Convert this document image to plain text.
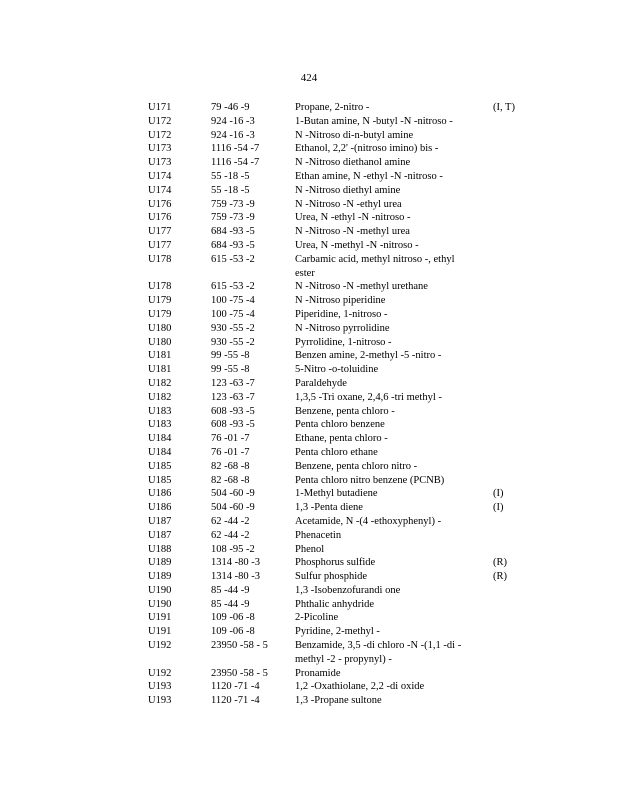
424
U171	79 -46 -9	Propane, 2-nitro -	(I, T)
U172	924 -16 -3	1-Butan amine, N -butyl -N -nitroso -
U172	924 -16 -3	N -Nitroso di-n-butyl amine
U173	1116 -54 -7	Ethanol, 2,2' -(nitroso imino) bis -
U173	1116 -54 -7	N -Nitroso diethanol amine
U174	55 -18 -5	Ethan amine, N -ethyl -N -nitroso -
U174	55 -18 -5	N -Nitroso diethyl amine
U176	759 -73 -9	N -Nitroso -N -ethyl urea
U176	759 -73 -9	Urea, N -ethyl -N -nitroso -
U177	684 -93 -5	N -Nitroso -N -methyl urea
U177	684 -93 -5	Urea, N -methyl -N -nitroso -
U178	615 -53 -2	Carbamic acid, methyl nitroso -, ethyl ester
U178	615 -53 -2	N -Nitroso -N -methyl urethane
U179	100 -75 -4	N -Nitroso piperidine
U179	100 -75 -4	Piperidine, 1-nitroso -
U180	930 -55 -2	N -Nitroso pyrrolidine
U180	930 -55 -2	Pyrrolidine, 1-nitroso -
U181	99 -55 -8	Benzen amine, 2-methyl -5 -nitro -
U181	99 -55 -8	5-Nitro -o-toluidine
U182	123 -63 -7	Paraldehyde
U182	123 -63 -7	1,3,5 -Tri oxane, 2,4,6 -tri methyl -
U183	608 -93 -5	Benzene, penta chloro -
U183	608 -93 -5	Penta chloro benzene
U184	76 -01 -7	Ethane, penta chloro -
U184	76 -01 -7	Penta chloro ethane
U185	82 -68 -8	Benzene, penta chloro nitro -
U185	82 -68 -8	Penta chloro nitro benzene (PCNB)
U186	504 -60 -9	1-Methyl butadiene	(I)
U186	504 -60 -9	1,3 -Penta diene	(I)
U187	62 -44 -2	Acetamide, N -(4 -ethoxyphenyl) -
U187	62 -44 -2	Phenacetin
U188	108 -95 -2	Phenol
U189	1314 -80 -3	Phosphorus sulfide	(R)
U189	1314 -80 -3	Sulfur phosphide	(R)
U190	85 -44 -9	1,3 -Isobenzofurandi one
U190	85 -44 -9	Phthalic anhydride
U191	109 -06 -8	2-Picoline
U191	109 -06 -8	Pyridine, 2-methyl -
U192	23950 -58 - 5	Benzamide, 3,5 -di chloro -N -(1,1 -di - methyl -2 - propynyl) -
U192	23950 -58 - 5	Pronamide
U193	1120 -71 -4	1,2 -Oxathiolane, 2,2 -di oxide
U193	1120 -71 -4	1,3 -Propane sultone
